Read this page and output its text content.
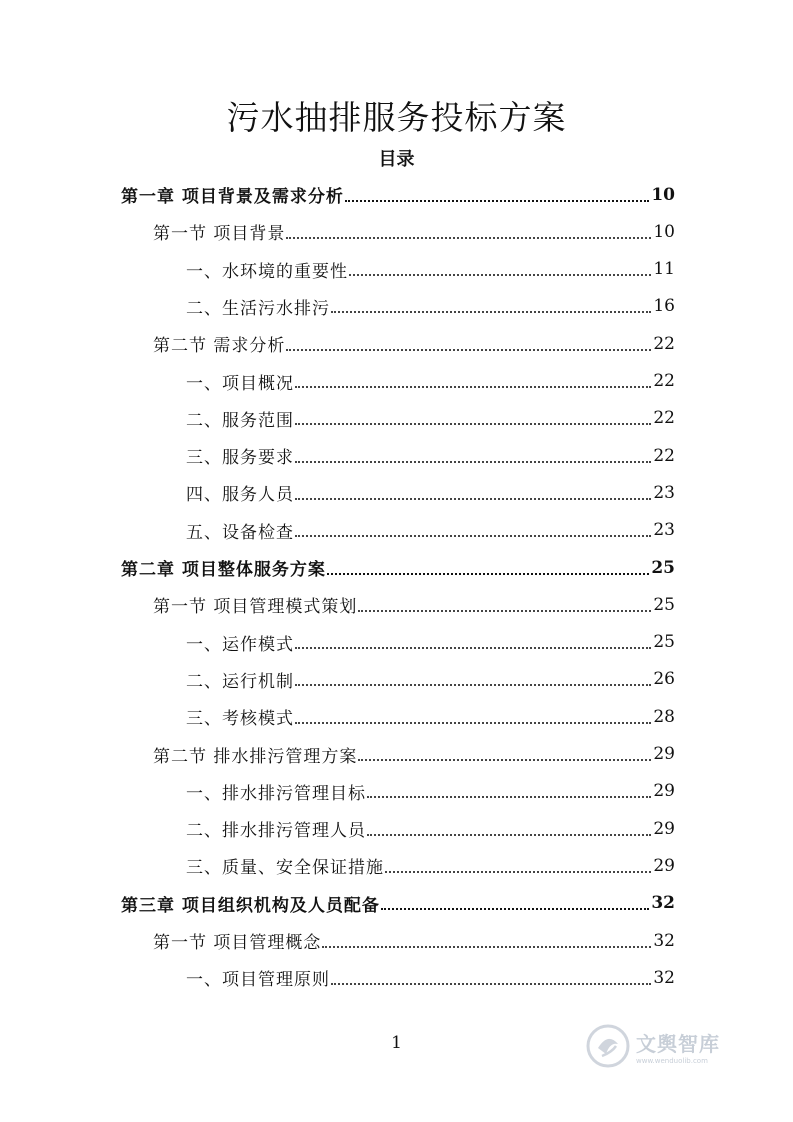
污水抽排服务投标方案
目录
第一章 项目背景及需求分析	10
第一节 项目背景	10
一、水环境的重要性	11
二、生活污水排污	16
第二节 需求分析	22
一、项目概况	22
二、服务范围	22
三、服务要求	22
四、服务人员	23
五、设备检查	23
第二章 项目整体服务方案	25
第一节 项目管理模式策划	25
一、运作模式	25
二、运行机制	26
三、考核模式	28
第二节 排水排污管理方案	29
一、排水排污管理目标	29
二、排水排污管理人员	29
三、质量、安全保证措施	29
第三章 项目组织机构及人员配备	32
第一节 项目管理概念	32
一、项目管理原则	32
1	文舆智库
www.wenduolib.com
